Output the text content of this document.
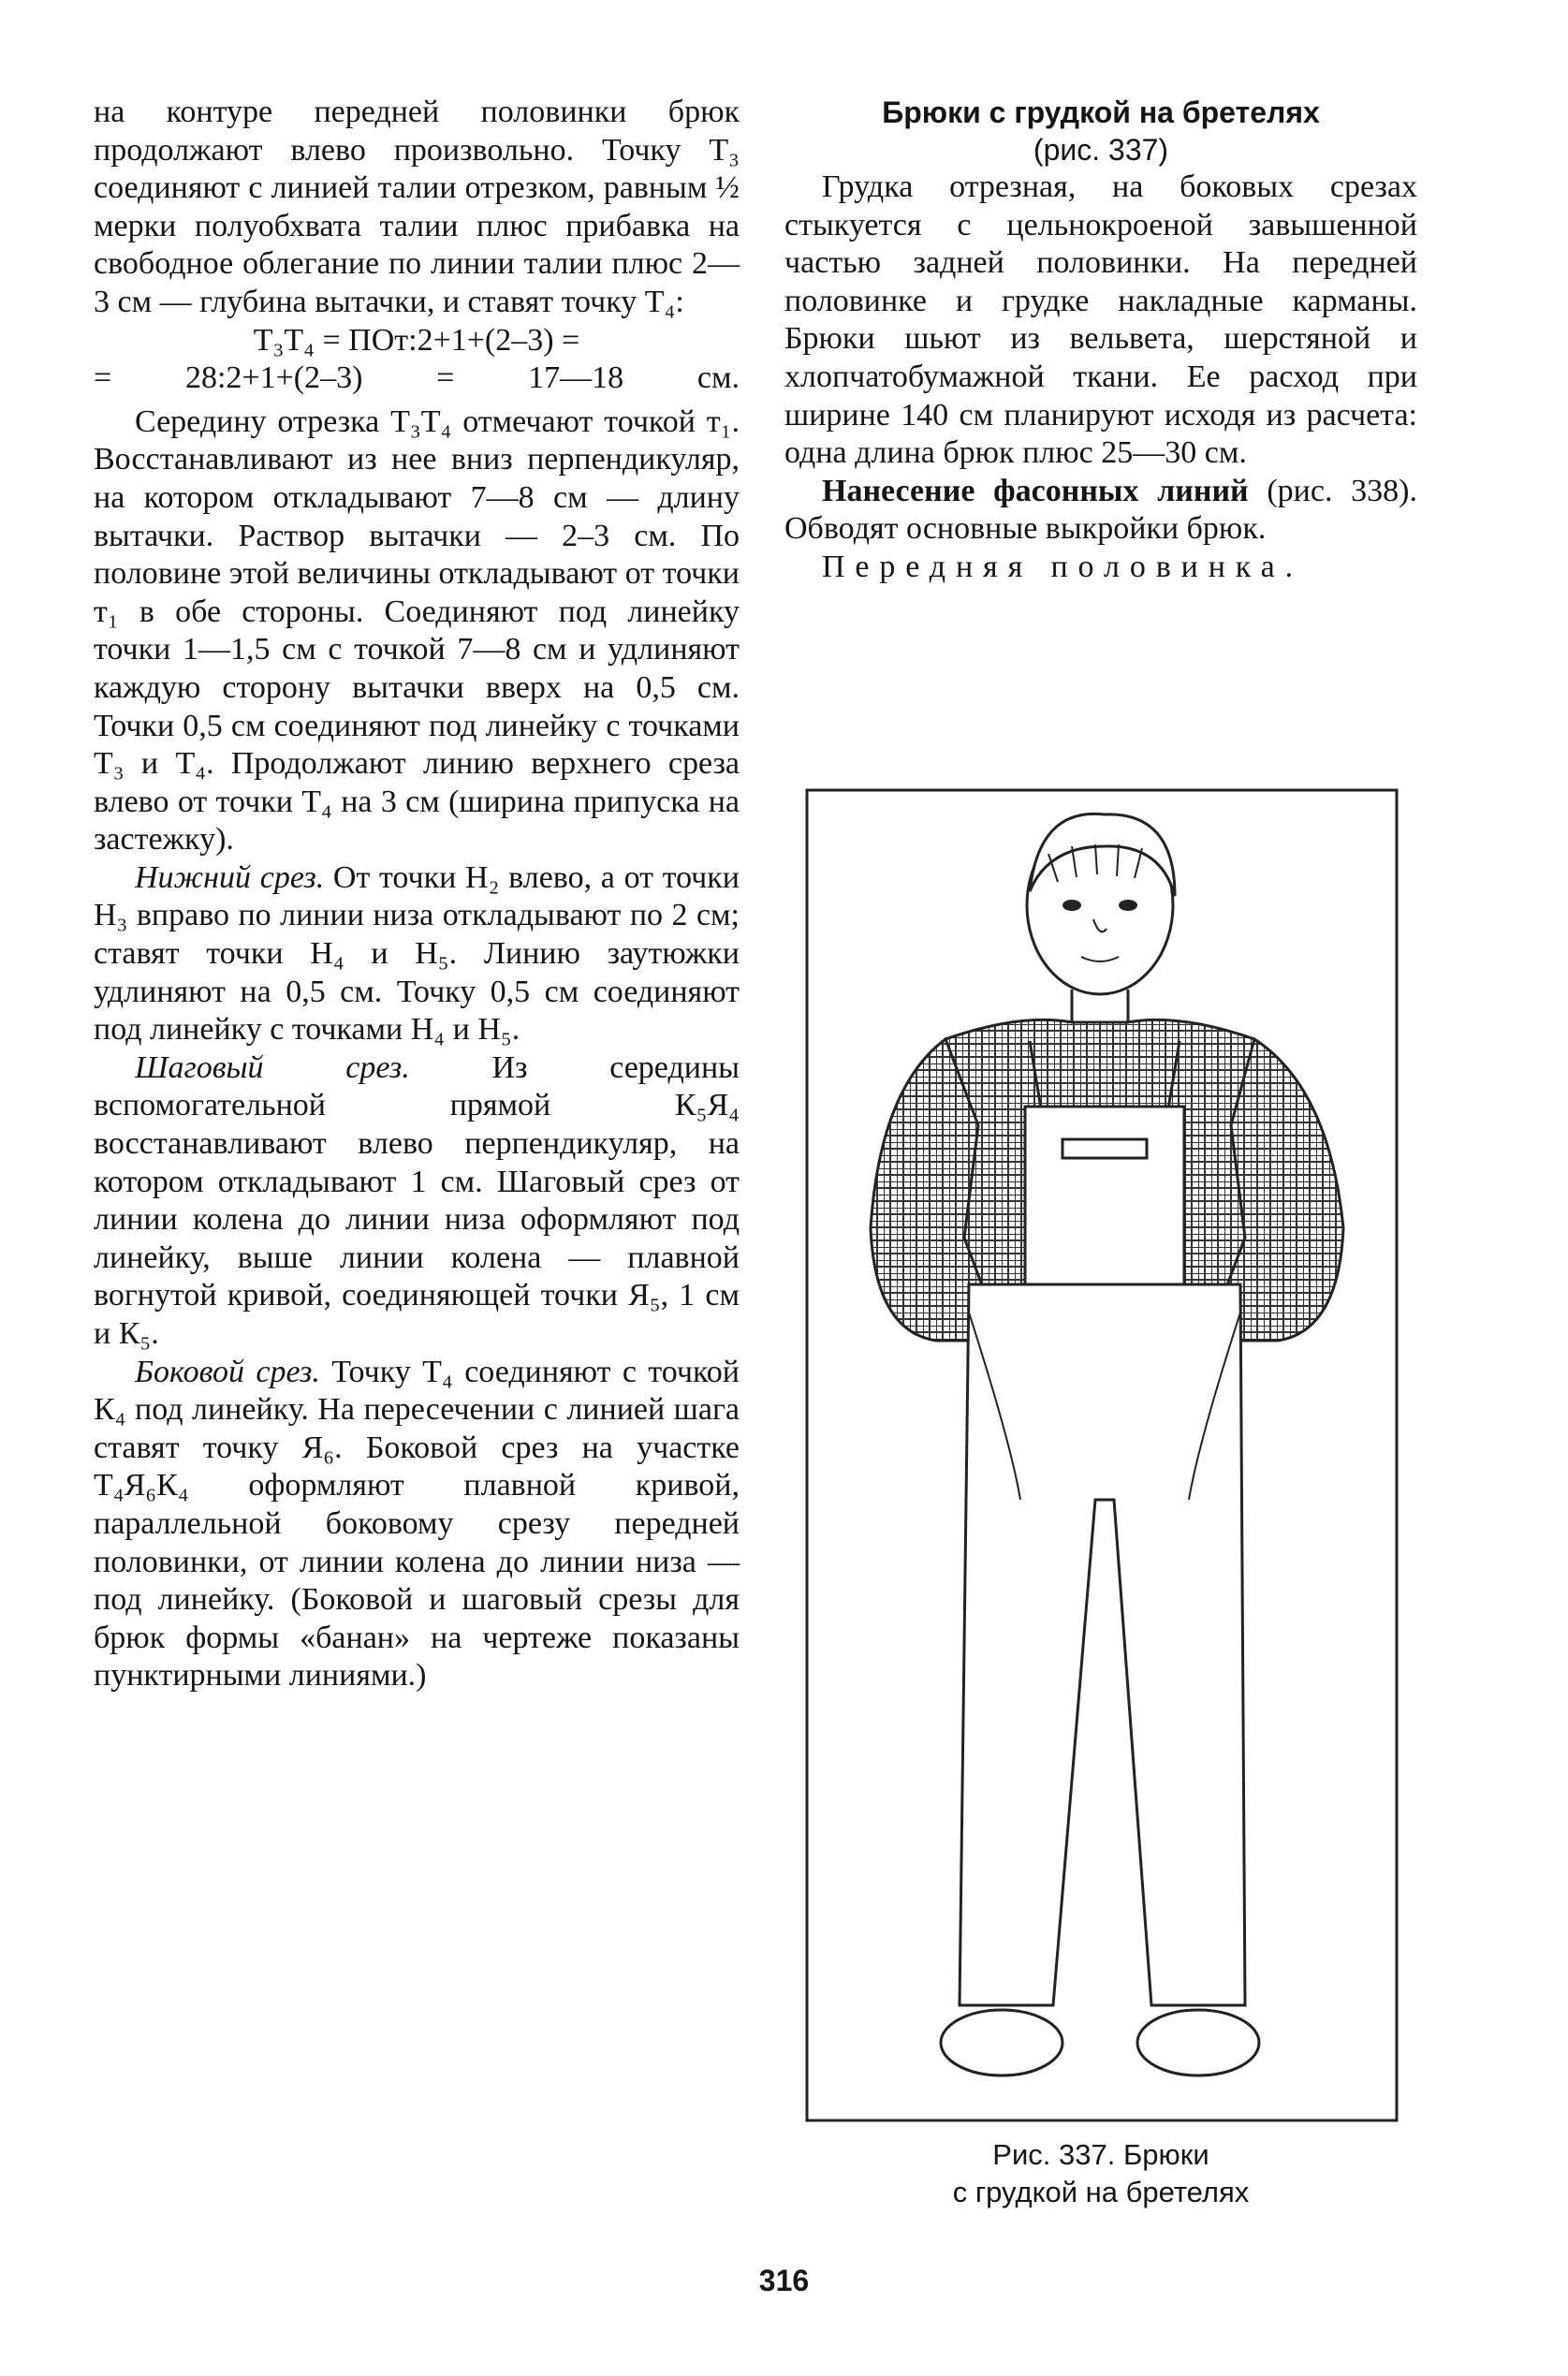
на контуре передней половинки брюк продолжают влево произвольно. Точку Т₃ соединяют с линией талии отрезком, равным ½ мерки полуобхвата талии плюс прибавка на свободное облегание по линии талии плюс 2—3 см — глубина вытачки, и ставят точку Т₄:

Т₃Т₄ = ПОт:2+1+(2–3) =
= 28:2+1+(2–3) = 17—18 см.

Середину отрезка Т₃Т₄ отмечают точкой т₁. Восстанавливают из нее вниз перпендикуляр, на котором откладывают 7—8 см — длину вытачки. Раствор вытачки — 2–3 см. По половине этой величины откладывают от точки т₁ в обе стороны. Соединяют под линейку точки 1—1,5 см с точкой 7—8 см и удлиняют каждую сторону вытачки вверх на 0,5 см. Точки 0,5 см соединяют под линейку с точками Т₃ и Т₄. Продолжают линию верхнего среза влево от точки Т₄ на 3 см (ширина припуска на застежку).

Нижний срез. От точки Н₂ влево, а от точки Н₃ вправо по линии низа откладывают по 2 см; ставят точки Н₄ и Н₅. Линию заутюжки удлиняют на 0,5 см. Точку 0,5 см соединяют под линейку с точками Н₄ и Н₅.

Шаговый срез. Из середины вспомогательной прямой К₅Я₄ восстанавливают влево перпендикуляр, на котором откладывают 1 см. Шаговый срез от линии колена до линии низа оформляют под линейку, выше линии колена — плавной вогнутой кривой, соединяющей точки Я₅, 1 см и К₅.

Боковой срез. Точку Т₄ соединяют с точкой К₄ под линейку. На пересечении с линией шага ставят точку Я₆. Боковой срез на участке Т₄Я₆К₄ оформляют плавной кривой, параллельной боковому срезу передней половинки, от линии колена до линии низа — под линейку. (Боковой и шаговый срезы для брюк формы «банан» на чертеже показаны пунктирными линиями.)

Брюки с грудкой на бретелях

(рис. 337)

Грудка отрезная, на боковых срезах стыкуется с цельнокроеной завышенной частью задней половинки. На передней половинке и грудке накладные карманы. Брюки шьют из вельвета, шерстяной и хлопчатобумажной ткани. Ее расход при ширине 140 см планируют исходя из расчета: одна длина брюк плюс 25—30 см.

Нанесение фасонных линий (рис. 338). Обводят основные выкройки брюк.

Передняя половинка.

Рис. 337. Брюки
с грудкой на бретелях
316
